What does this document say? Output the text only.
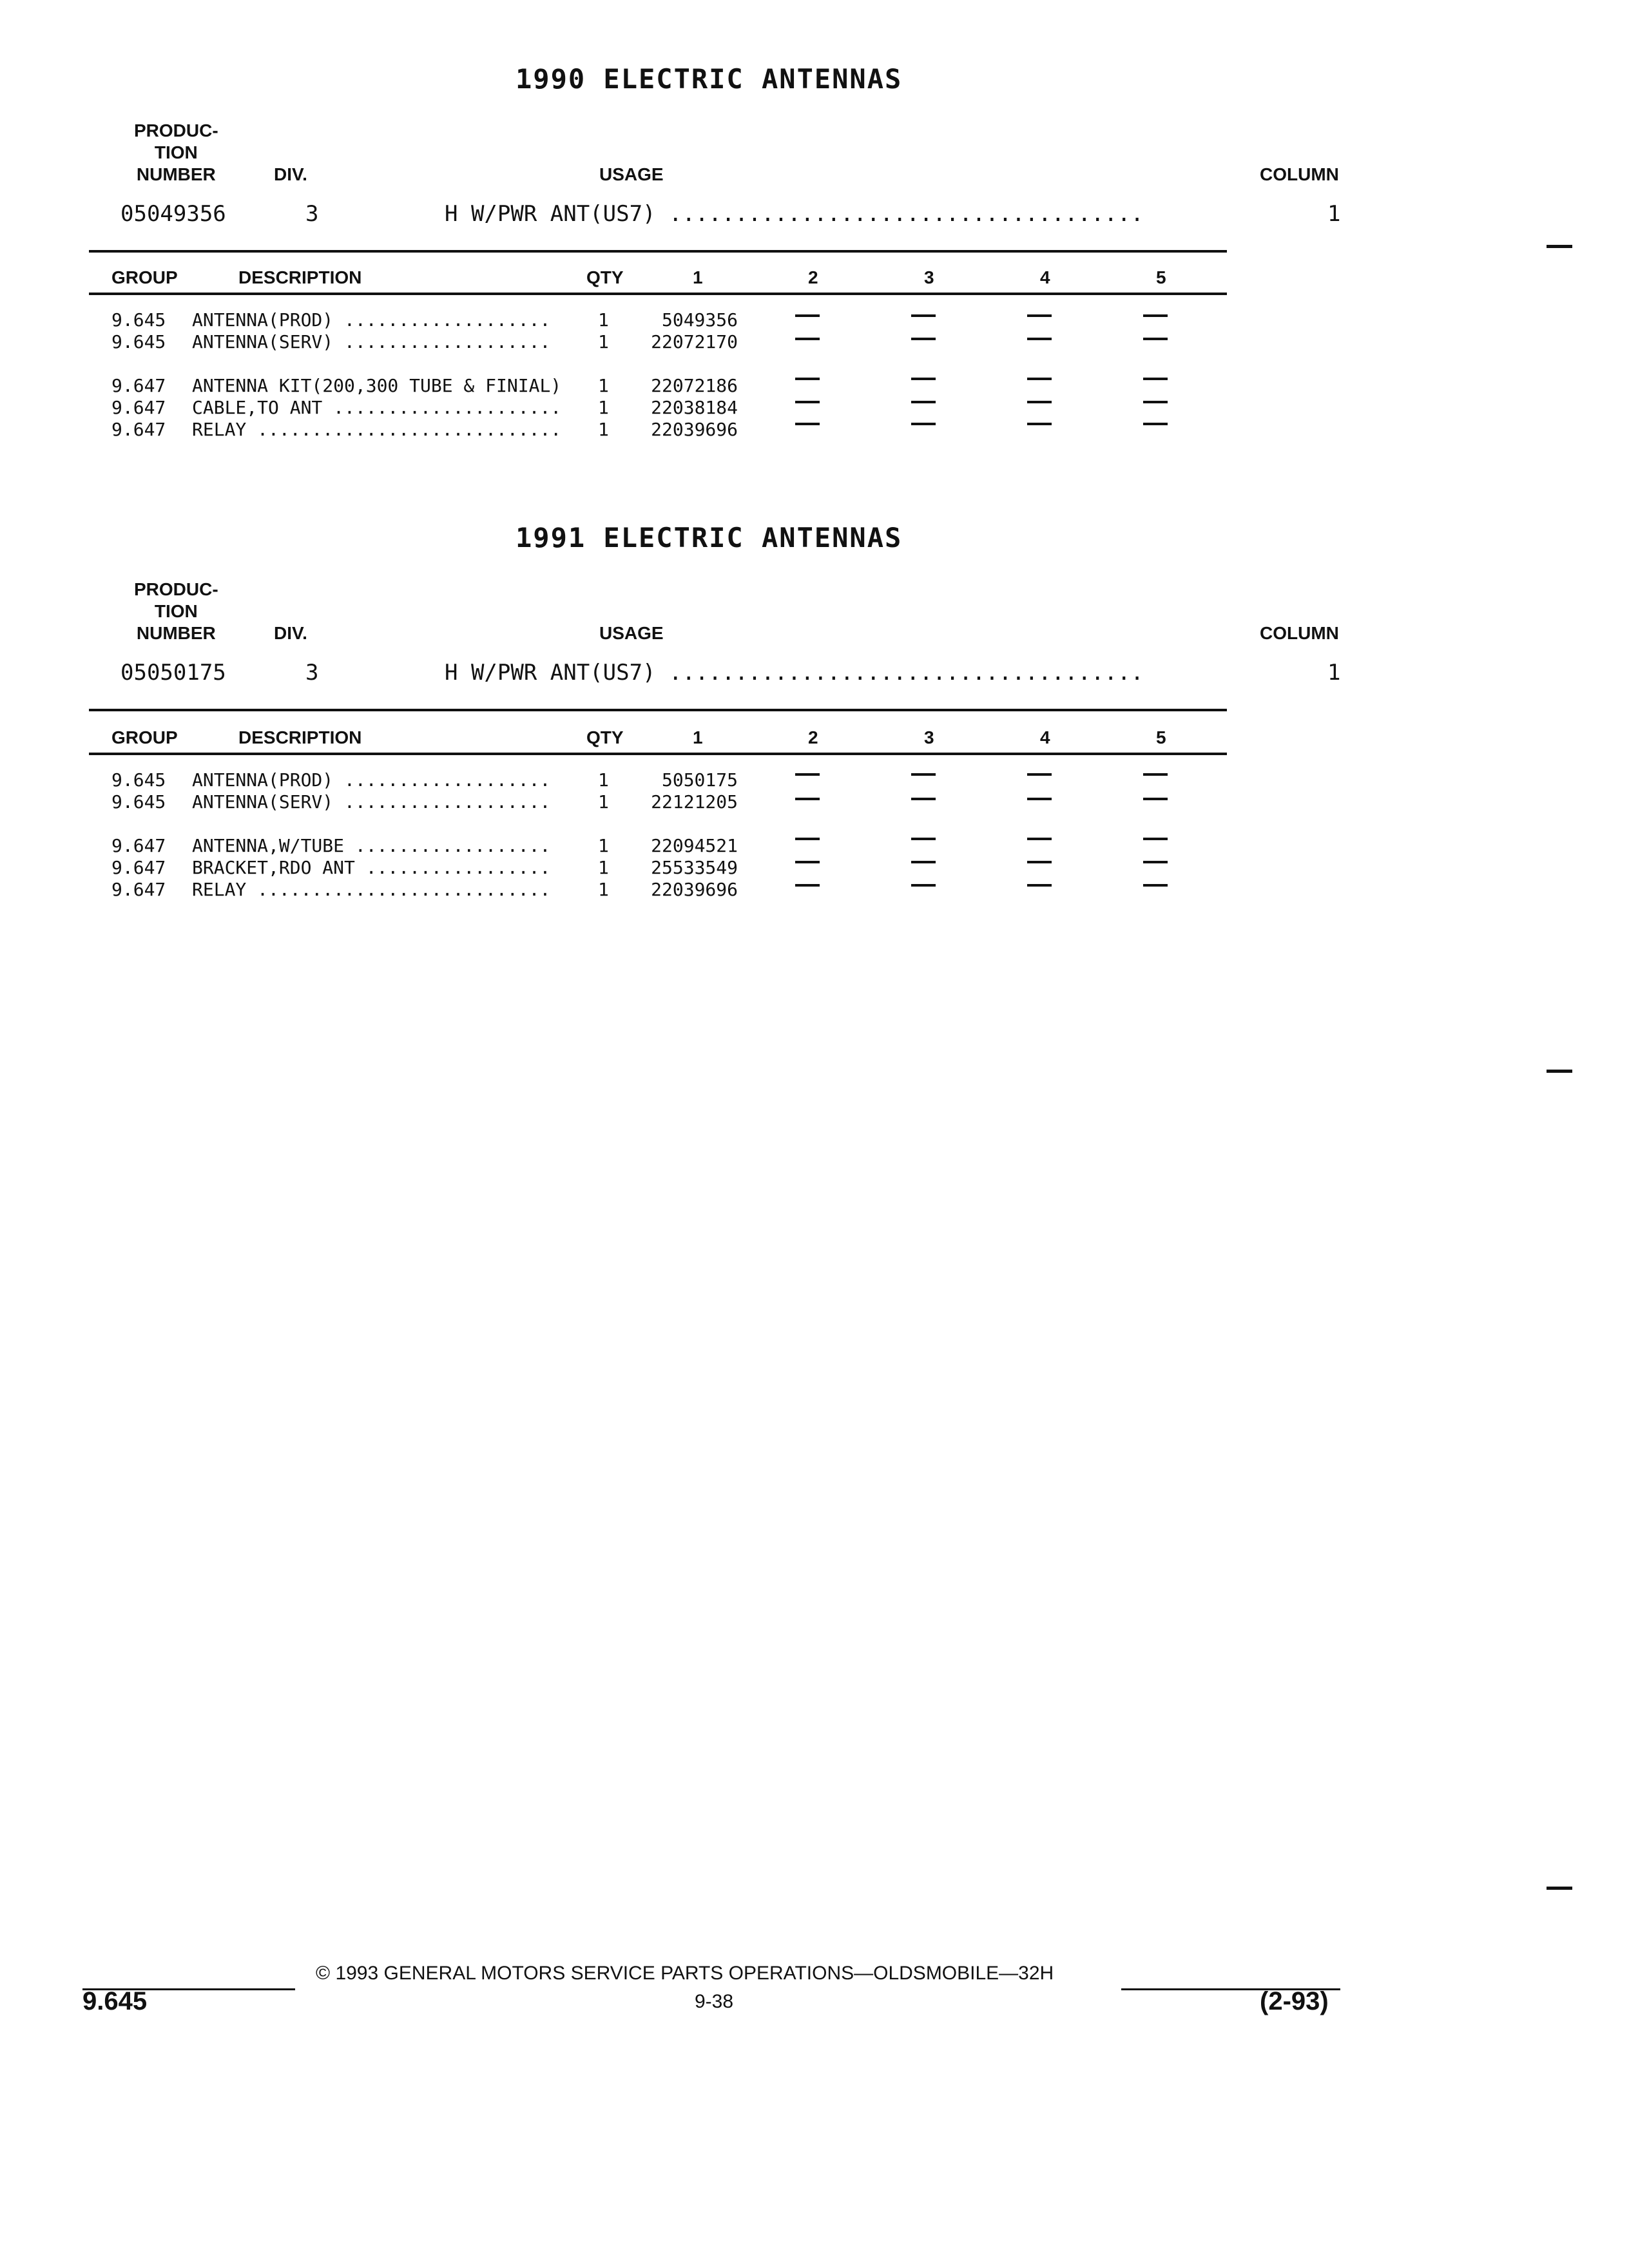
1990 ELECTRIC ANTENNAS
PRODUC-
TION
NUMBER	DIV.	USAGE	COLUMN
05049356	3	H W/PWR ANT(US7) ....................................	1
GROUP	DESCRIPTION	QTY	1	2	3	4	5
9.645 ANTENNA(PROD) ...................	1	5049356
9.645 ANTENNA(SERV) ...................	1	22072170
9.647 ANTENNA KIT(200,300 TUBE & FINIAL) 1	22072186
9.647 CABLE,TO ANT ..................... 1	22038184
9.647 RELAY ............................ 1	22039696
1991 ELECTRIC ANTENNAS
PRODUC-
TION
NUMBER	DIV.	USAGE	COLUMN
05050175	3	H W/PWR ANT(US7) ....................................	1
GROUP	DESCRIPTION	QTY	1	2	3	4	5
9.645 ANTENNA(PROD) ...................	1	5050175
9.645 ANTENNA(SERV) ...................	1	22121205
9.647 ANTENNA,W/TUBE ..................	1	22094521
9.647 BRACKET,RDO ANT .................	1	25533549
9.647 RELAY ...........................	1	22039696
© 1993 GENERAL MOTORS SERVICE PARTS OPERATIONS—OLDSMOBILE—32H
9.645	9-38	(2-93)
